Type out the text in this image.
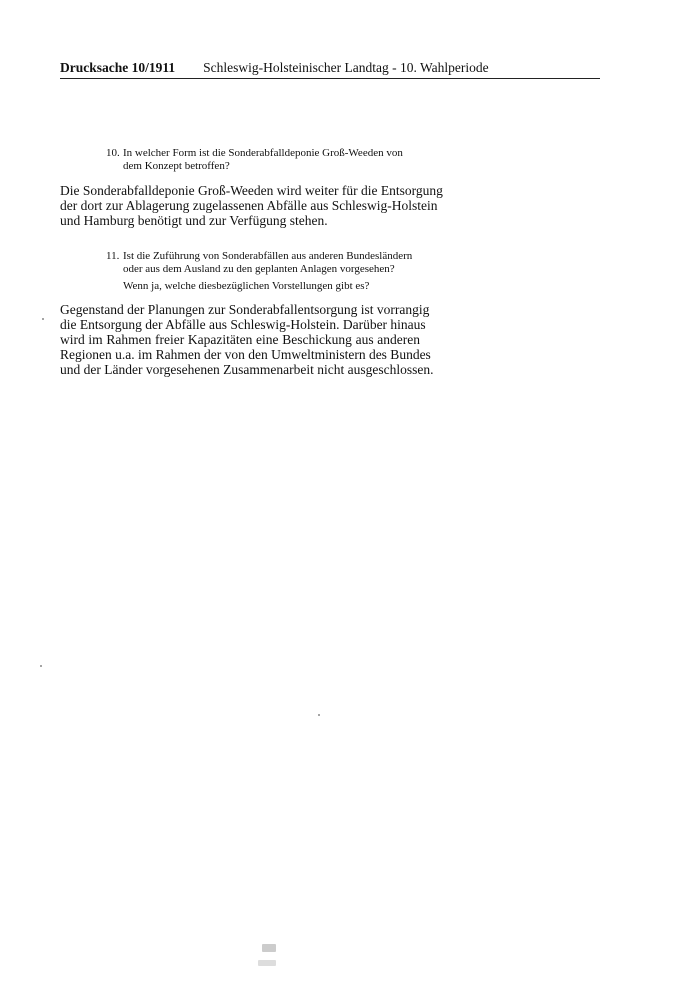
Drucksache 10/1911 Schleswig-Holsteinischer Landtag - 10. Wahlperiode
10. In welcher Form ist die Sonderabfalldeponie Groß-Weeden von dem Konzept betroffen?
Die Sonderabfalldeponie Groß-Weeden wird weiter für die Entsorgung
der dort zur Ablagerung zugelassenen Abfälle aus Schleswig-Holstein
und Hamburg benötigt und zur Verfügung stehen.
11. Ist die Zuführung von Sonderabfällen aus anderen Bundesländern oder aus dem Ausland zu den geplanten Anlagen vorgesehen?
Wenn ja, welche diesbezüglichen Vorstellungen gibt es?
Gegenstand der Planungen zur Sonderabfallentsorgung ist vorrangig
die Entsorgung der Abfälle aus Schleswig-Holstein. Darüber hinaus
wird im Rahmen freier Kapazitäten eine Beschickung aus anderen
Regionen u.a. im Rahmen der von den Umweltministern des Bundes
und der Länder vorgesehenen Zusammenarbeit nicht ausgeschlossen.
